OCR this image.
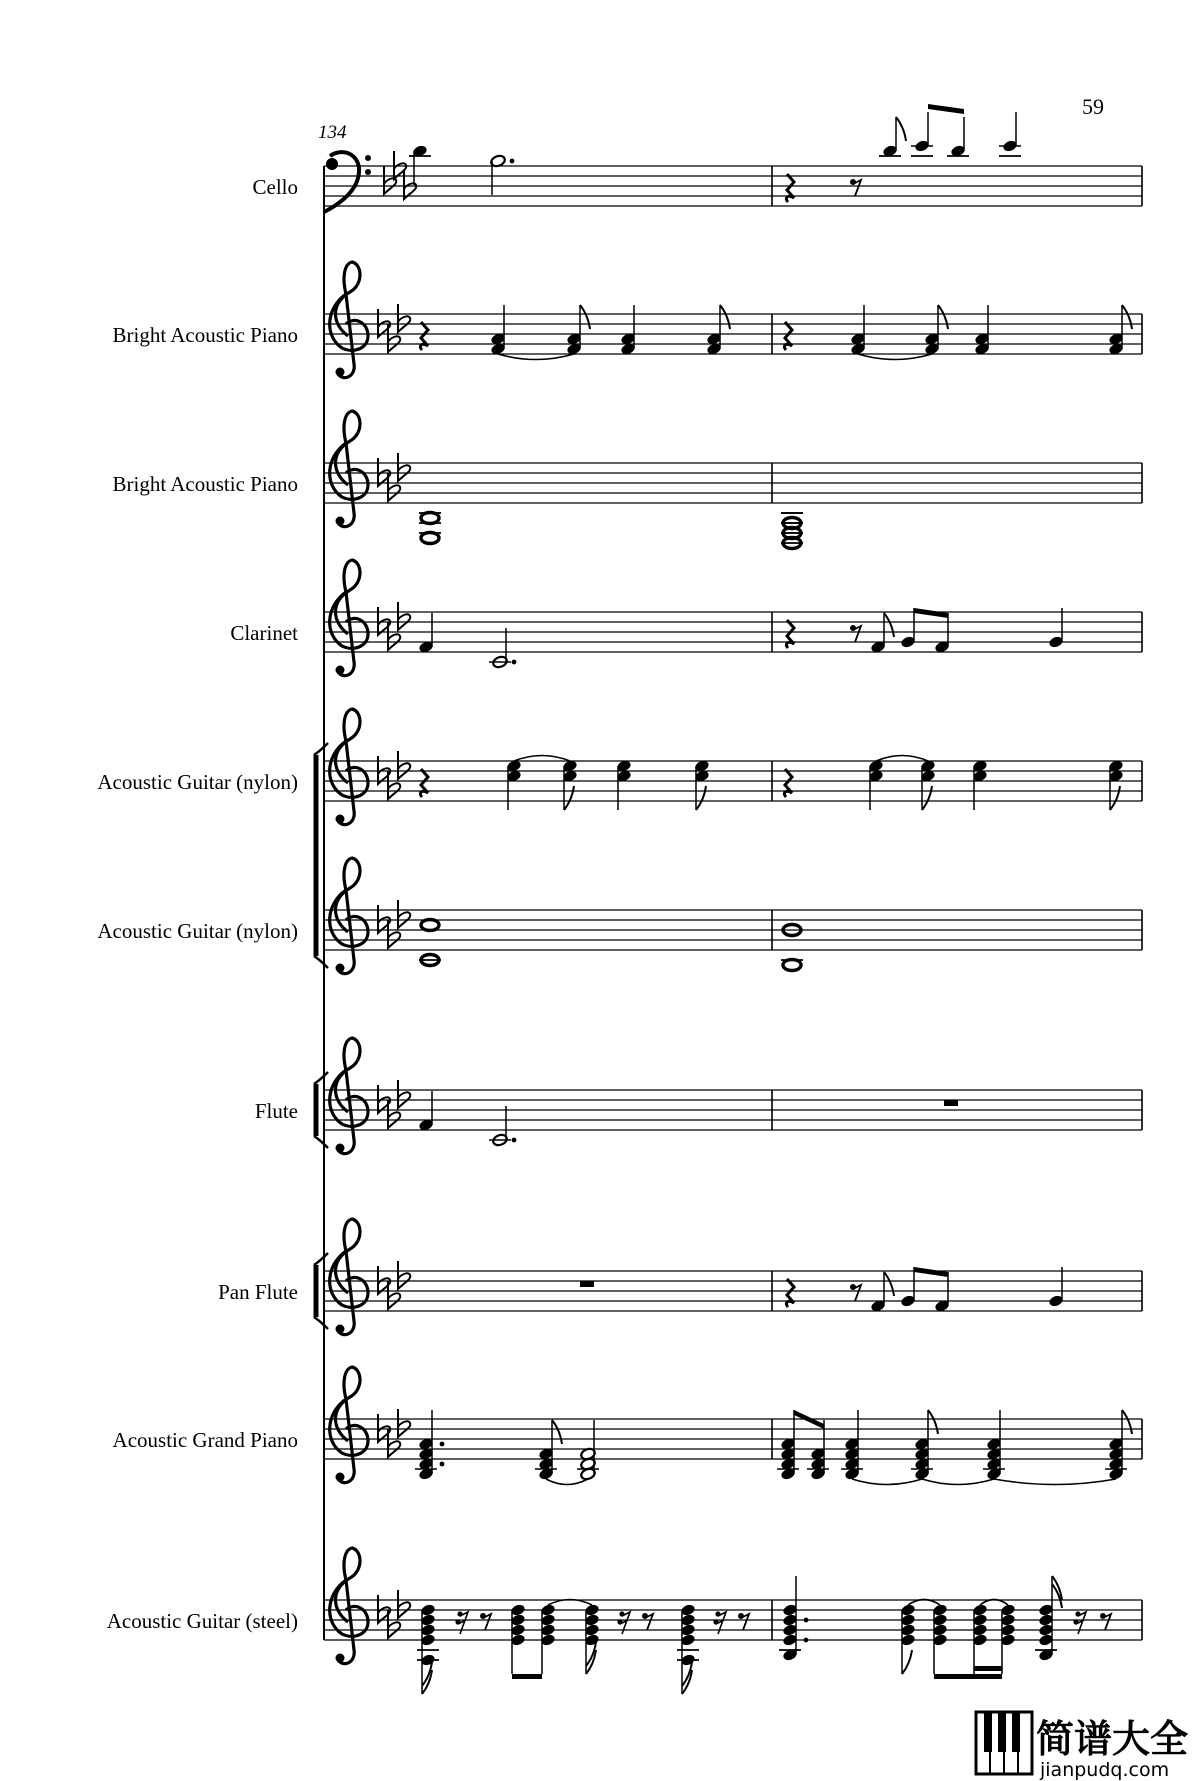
59
134
Cello
Bright Acoustic Piano
Bright Acoustic Piano
Clarinet
Acoustic Guitar (nylon)
Acoustic Guitar (nylon)
Flute
Pan Flute
Acoustic Grand Piano
Acoustic Guitar (steel)
简谱大全
jianpudq.com
